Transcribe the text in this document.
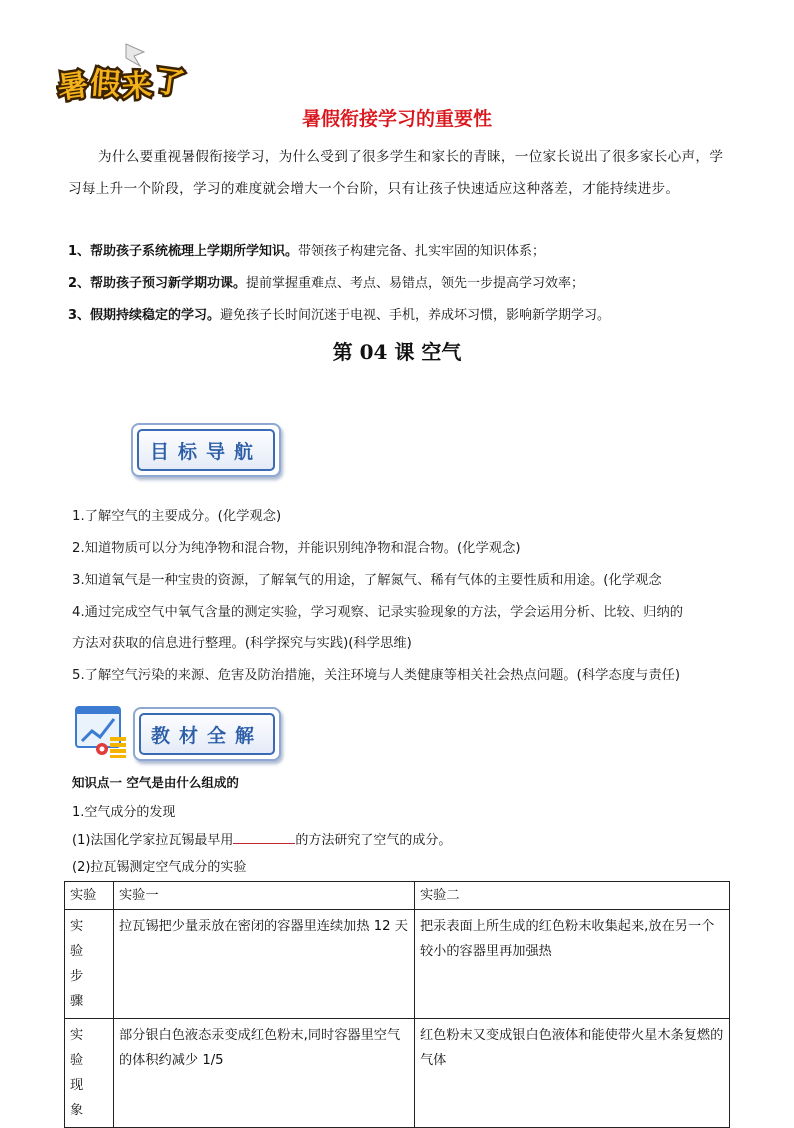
暑
假 来 了
暑假衔接学习的重要性
为什么要重视暑假衔接学习，为什么受到了很多学生和家长的青睐，一位家长说出了很多家长心声，学习每上升一个阶段，学习的难度就会增大一个台阶，只有让孩子快速适应这种落差，才能持续进步。
1、帮助孩子系统梳理上学期所学知识。带领孩子构建完备、扎实牢固的知识体系；
2、帮助孩子预习新学期功课。提前掌握重难点、考点、易错点，领先一步提高学习效率；
3、假期持续稳定的学习。避免孩子长时间沉迷于电视、手机，养成坏习惯，影响新学期学习。
第 04 课 空气
目标导航
1.了解空气的主要成分。(化学观念)
2.知道物质可以分为纯净物和混合物，并能识别纯净物和混合物。(化学观念)
3.知道氧气是一种宝贵的资源，了解氧气的用途，了解氮气、稀有气体的主要性质和用途。(化学观念
4.通过完成空气中氧气含量的测定实验，学习观察、记录实验现象的方法，学会运用分析、比较、归纳的
方法对获取的信息进行整理。(科学探究与实践)(科学思维)
5.了解空气污染的来源、危害及防治措施，关注环境与人类健康等相关社会热点问题。(科学态度与责任)
教材全解
知识点一 空气是由什么组成的
1.空气成分的发现
(1)法国化学家拉瓦锡最早用	的方法研究了空气的成分。
(2)拉瓦锡测定空气成分的实验
实验	实验一	实验二
实验步骤	拉瓦锡把少量汞放在密闭的容器里连续加热 12 天	把汞表面上所生成的红色粉末收集起来,放在另一个较小的容器里再加强热
实验现象	部分银白色液态汞变成红色粉末,同时容器里空气的体积约减少 1/5	红色粉末又变成银白色液体和能使带火星木条复燃的气体
